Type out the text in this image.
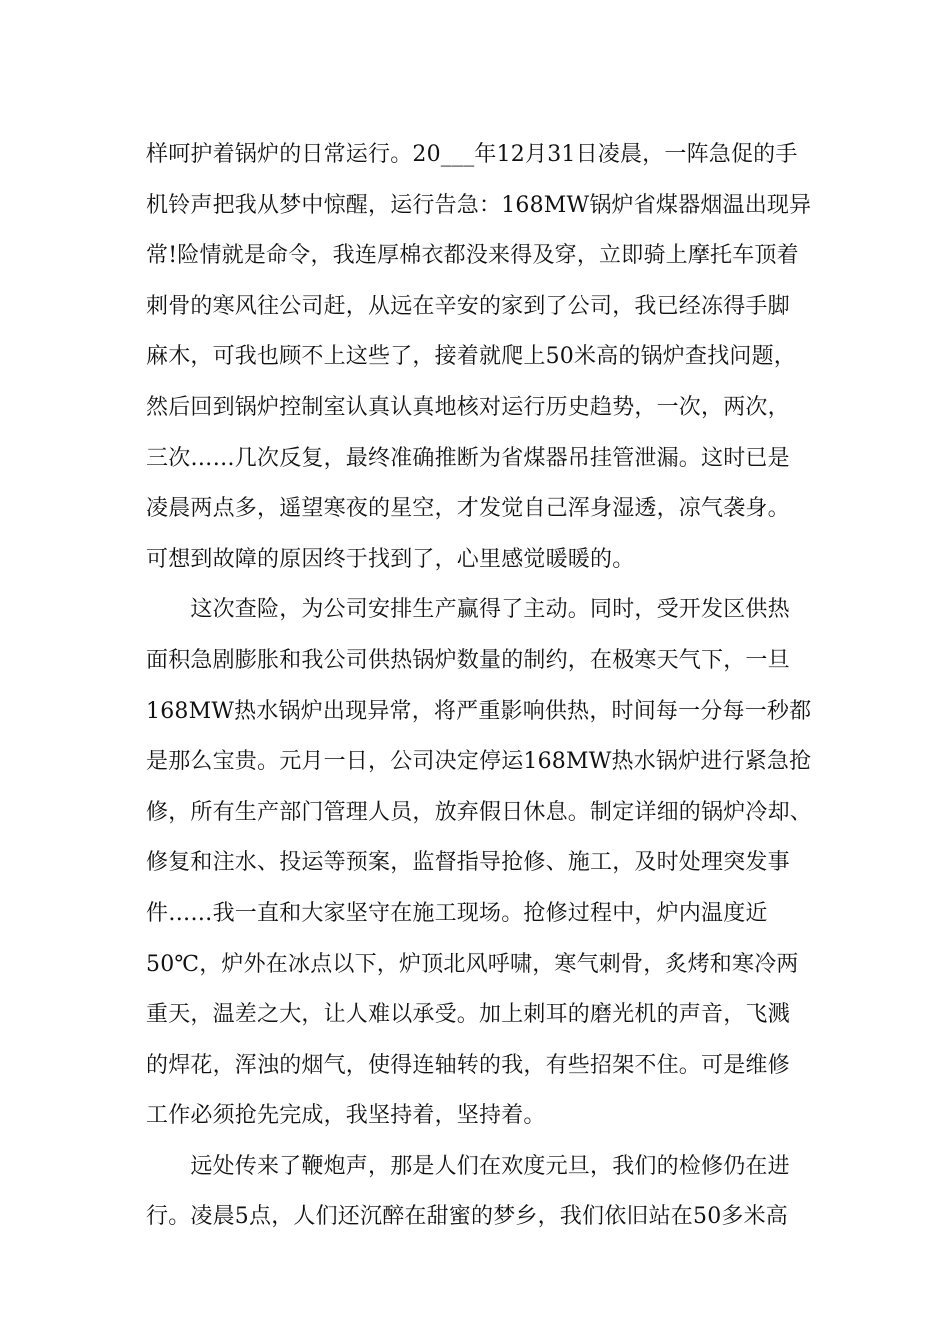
样呵护着锅炉的日常运行。20___年12月31日凌晨，一阵急促的手
机铃声把我从梦中惊醒，运行告急：168MW锅炉省煤器烟温出现异
常!险情就是命令，我连厚棉衣都没来得及穿，立即骑上摩托车顶着
刺骨的寒风往公司赶，从远在辛安的家到了公司，我已经冻得手脚
麻木，可我也顾不上这些了，接着就爬上50米高的锅炉查找问题，
然后回到锅炉控制室认真认真地核对运行历史趋势，一次，两次，
三次……几次反复，最终准确推断为省煤器吊挂管泄漏。这时已是
凌晨两点多，遥望寒夜的星空，才发觉自己浑身湿透，凉气袭身。
可想到故障的原因终于找到了，心里感觉暖暖的。
　　这次查险，为公司安排生产赢得了主动。同时，受开发区供热
面积急剧膨胀和我公司供热锅炉数量的制约，在极寒天气下，一旦
168MW热水锅炉出现异常，将严重影响供热，时间每一分每一秒都
是那么宝贵。元月一日，公司决定停运168MW热水锅炉进行紧急抢
修，所有生产部门管理人员，放弃假日休息。制定详细的锅炉冷却、
修复和注水、投运等预案，监督指导抢修、施工，及时处理突发事
件……我一直和大家坚守在施工现场。抢修过程中，炉内温度近
50℃，炉外在冰点以下，炉顶北风呼啸，寒气刺骨，炙烤和寒冷两
重天，温差之大，让人难以承受。加上刺耳的磨光机的声音，飞溅
的焊花，浑浊的烟气，使得连轴转的我，有些招架不住。可是维修
工作必须抢先完成，我坚持着，坚持着。
　　远处传来了鞭炮声，那是人们在欢度元旦，我们的检修仍在进
行。凌晨5点，人们还沉醉在甜蜜的梦乡，我们依旧站在50多米高
